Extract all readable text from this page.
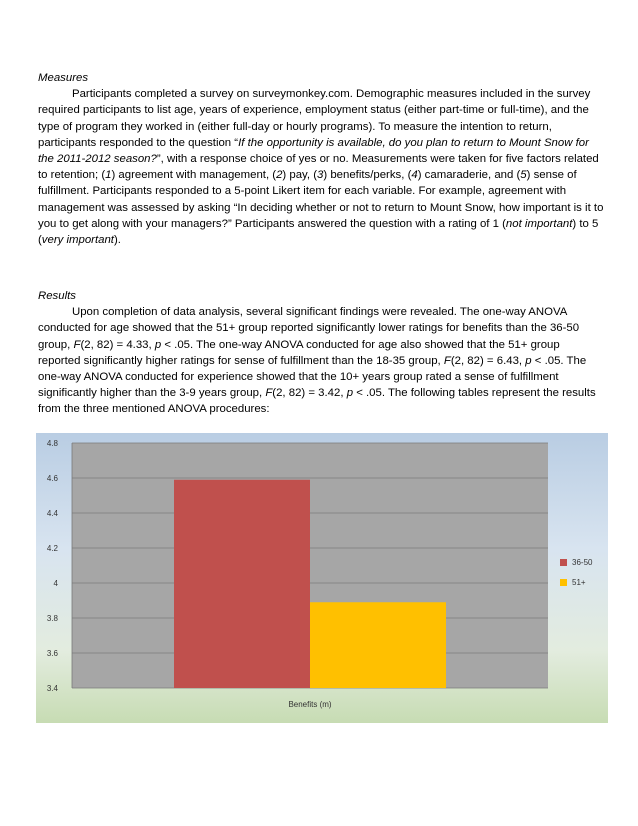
Measures

Participants completed a survey on surveymonkey.com. Demographic measures included in the survey required participants to list age, years of experience, employment status (either part-time or full-time), and the type of program they worked in (either full-day or hourly programs). To measure the intention to return, participants responded to the question “If the opportunity is available, do you plan to return to Mount Snow for the 2011-2012 season?”, with a response choice of yes or no. Measurements were taken for five factors related to retention; (1) agreement with management, (2) pay, (3) benefits/perks, (4) camaraderie, and (5) sense of fulfillment. Participants responded to a 5-point Likert item for each variable. For example, agreement with management was assessed by asking “In deciding whether or not to return to Mount Snow, how important is it to you to get along with your managers?” Participants answered the question with a rating of 1 (not important) to 5 (very important).

Results

Upon completion of data analysis, several significant findings were revealed. The one-way ANOVA conducted for age showed that the 51+ group reported significantly lower ratings for benefits than the 36-50 group, F(2, 82) = 4.33, p < .05. The one-way ANOVA conducted for age also showed that the 51+ group reported significantly higher ratings for sense of fulfillment than the 18-35 group, F(2, 82) = 6.43, p < .05. The one-way ANOVA conducted for experience showed that the 10+ years group rated a sense of fulfillment significantly higher than the 3-9 years group, F(2, 82) = 3.42, p < .05. The following tables represent the results from the three mentioned ANOVA procedures:

3.4
3.6
3.8
4
4.2
4.4
4.6
4.8
Benefits (m)
36-50
51+
